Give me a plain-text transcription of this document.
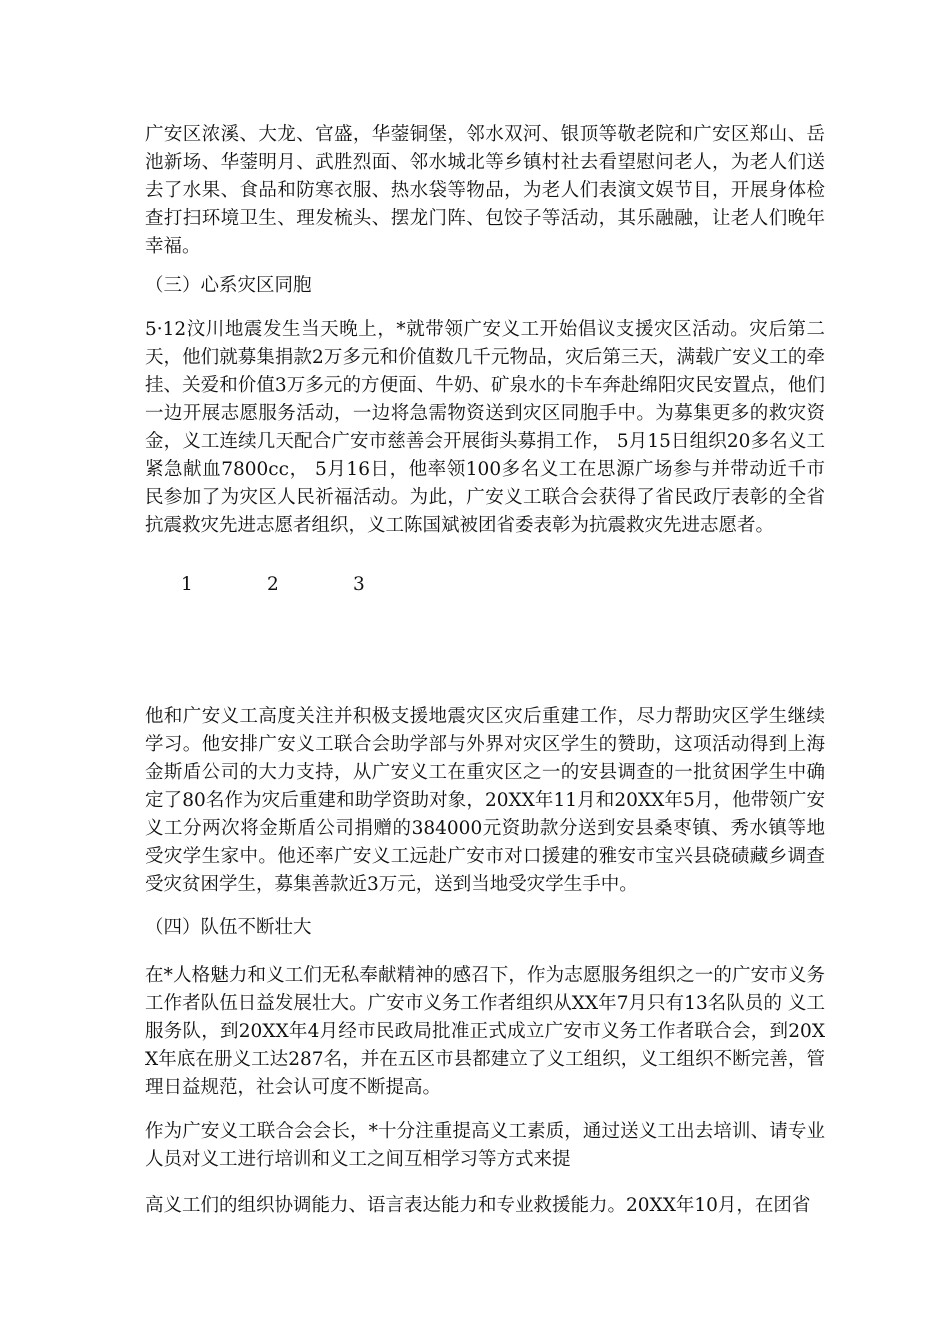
广安区浓溪、大龙、官盛，华蓥铜堡，邻水双河、银顶等敬老院和广安区郑山、岳池新场、华蓥明月、武胜烈面、邻水城北等乡镇村社去看望慰问老人，为老人们送去了水果、食品和防寒衣服、热水袋等物品，为老人们表演文娱节目，开展身体检查打扫环境卫生、理发梳头、摆龙门阵、包饺子等活动，其乐融融，让老人们晚年幸福。

（三）心系灾区同胞

5·12汶川地震发生当天晚上，*就带领广安义工开始倡议支援灾区活动。灾后第二天，他们就募集捐款2万多元和价值数几千元物品，灾后第三天，满载广安义工的牵挂、关爱和价值3万多元的方便面、牛奶、矿泉水的卡车奔赴绵阳灾民安置点，他们一边开展志愿服务活动，一边将急需物资送到灾区同胞手中。为募集更多的救灾资金，义工连续几天配合广安市慈善会开展街头募捐工作， 5月15日组织20多名义工紧急献血7800cc， 5月16日，他率领100多名义工在思源广场参与并带动近千市民参加了为灾区人民祈福活动。为此，广安义工联合会获得了省民政厅表彰的全省抗震救灾先进志愿者组织，义工陈国斌被团省委表彰为抗震救灾先进志愿者。

1	2	3

他和广安义工高度关注并积极支援地震灾区灾后重建工作，尽力帮助灾区学生继续学习。他安排广安义工联合会助学部与外界对灾区学生的赞助，这项活动得到上海金斯盾公司的大力支持，从广安义工在重灾区之一的安县调查的一批贫困学生中确定了80名作为灾后重建和助学资助对象，20XX年11月和20XX年5月，他带领广安义工分两次将金斯盾公司捐赠的384000元资助款分送到安县桑枣镇、秀水镇等地受灾学生家中。他还率广安义工远赴广安市对口援建的雅安市宝兴县硗碛藏乡调查受灾贫困学生，募集善款近3万元，送到当地受灾学生手中。

（四）队伍不断壮大

在*人格魅力和义工们无私奉献精神的感召下，作为志愿服务组织之一的广安市义务工作者队伍日益发展壮大。广安市义务工作者组织从XX年7月只有13名队员的 义工服务队，到20XX年4月经市民政局批准正式成立广安市义务工作者联合会，到20XX年底在册义工达287名，并在五区市县都建立了义工组织，义工组织不断完善，管理日益规范，社会认可度不断提高。

作为广安义工联合会会长，*十分注重提高义工素质，通过送义工出去培训、请专业人员对义工进行培训和义工之间互相学习等方式来提

高义工们的组织协调能力、语言表达能力和专业救援能力。20XX年10月，在团省
